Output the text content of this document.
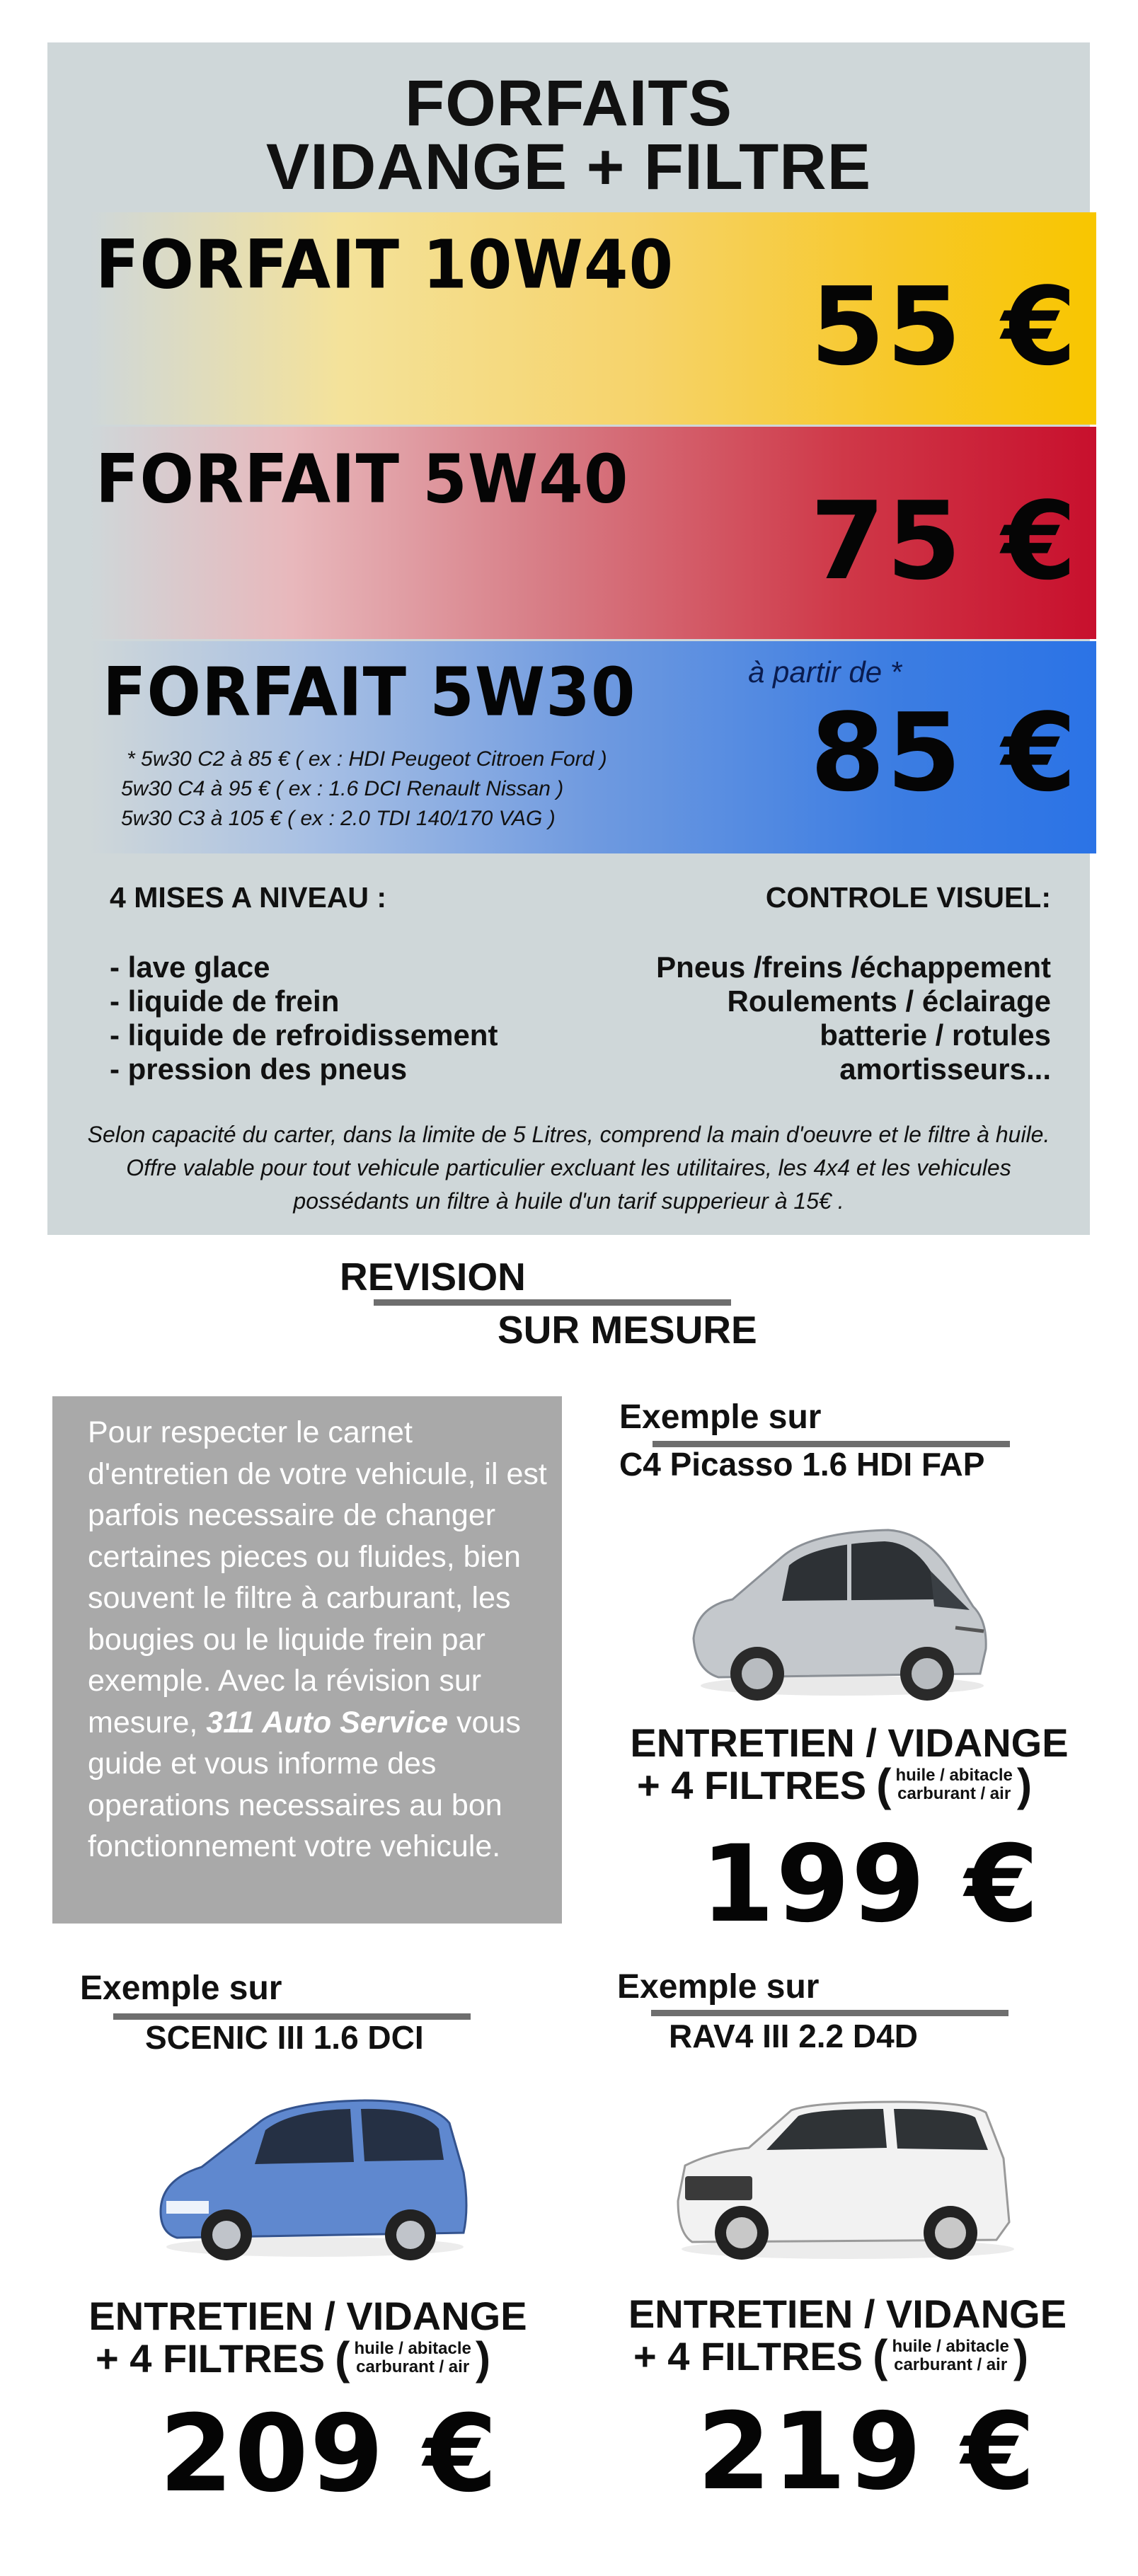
FORFAITS
VIDANGE + FILTRE
FORFAIT 10W40 55 €
FORFAIT 5W40 75 €
FORFAIT 5W30	à partir de *
85 €
* 5w30 C2 à 85 € ( ex : HDI Peugeot Citroen Ford )
5w30 C4 à 95 € ( ex : 1.6 DCI Renault Nissan )
5w30 C3 à 105 € ( ex : 2.0 TDI 140/170 VAG )
4 MISES A NIVEAU :	CONTROLE VISUEL:
- lave glace
- liquide de frein
- liquide de refroidissement
- pression des pneus
Pneus /freins /échappement
Roulements / éclairage
batterie / rotules
amortisseurs...
Selon capacité du carter, dans la limite de 5 Litres, comprend la main d'oeuvre et le filtre à huile. Offre valable pour tout vehicule particulier excluant les utilitaires, les 4x4 et les vehicules possédants un filtre à huile d'un tarif supperieur à 15€ .
REVISION
SUR MESURE
Pour respecter le carnet d'entretien de votre vehicule, il est parfois necessaire de changer certaines pieces ou fluides, bien souvent le filtre à carburant, les bougies ou le liquide frein par exemple. Avec la révision sur mesure, 311 Auto Service vous guide et vous informe des operations necessaires au bon fonctionnement votre vehicule.
Exemple sur
C4 Picasso 1.6 HDI FAP
ENTRETIEN / VIDANGE
+ 4 FILTRES ( huile / abitacle
carburant / air )
199 €
Exemple sur
SCENIC III 1.6 DCI
ENTRETIEN / VIDANGE
+ 4 FILTRES ( huile / abitacle
carburant / air )
209 €
Exemple sur
RAV4 III 2.2 D4D
ENTRETIEN / VIDANGE
+ 4 FILTRES ( huile / abitacle
carburant / air )
219 €
